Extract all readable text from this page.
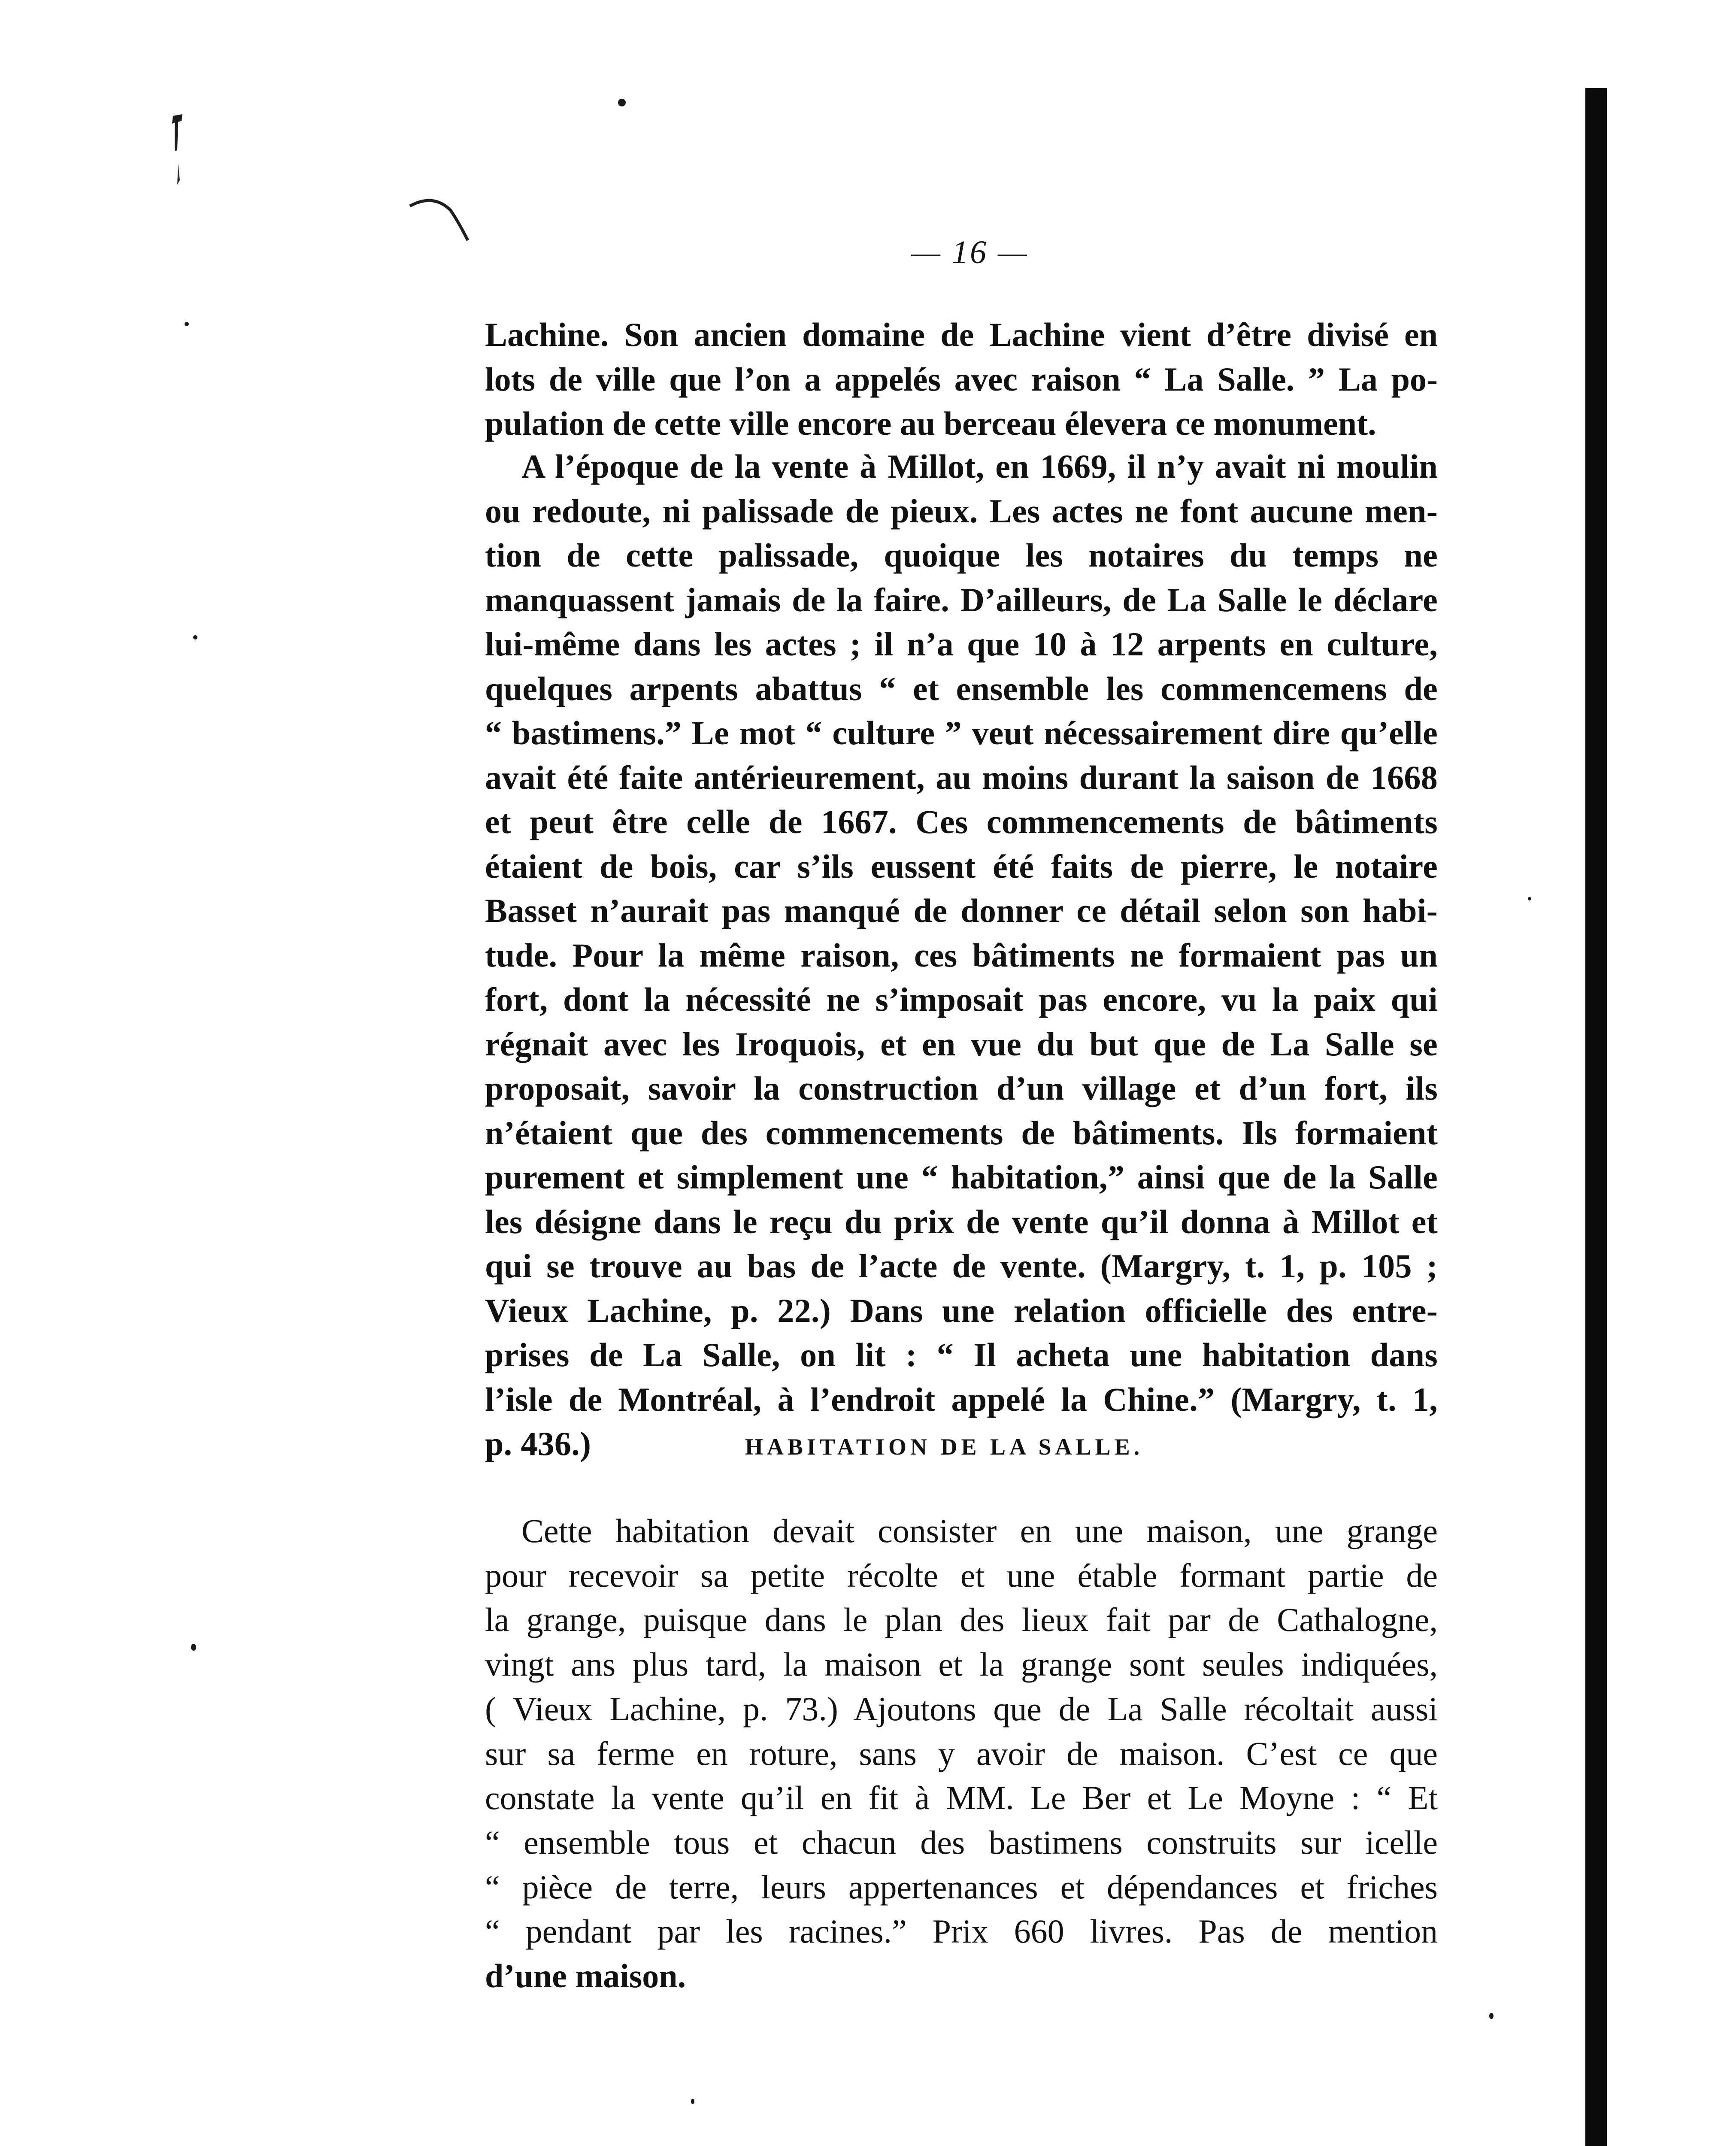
— 16 —
Lachine. Son ancien domaine de Lachine vient d’être divisé en
lots de ville que l’on a appelés avec raison “ La Salle. ” La po-
pulation de cette ville encore au berceau élevera ce monument.
A l’époque de la vente à Millot, en 1669, il n’y avait ni moulin
ou redoute, ni palissade de pieux. Les actes ne font aucune men-
tion de cette palissade, quoique les notaires du temps ne
manquassent jamais de la faire. D’ailleurs, de La Salle le déclare
lui-même dans les actes ; il n’a que 10 à 12 arpents en culture,
quelques arpents abattus “ et ensemble les commencemens de
“ bastimens.” Le mot “ culture ” veut nécessairement dire qu’elle
avait été faite antérieurement, au moins durant la saison de 1668
et peut être celle de 1667. Ces commencements de bâtiments
étaient de bois, car s’ils eussent été faits de pierre, le notaire
Basset n’aurait pas manqué de donner ce détail selon son habi-
tude. Pour la même raison, ces bâtiments ne formaient pas un
fort, dont la nécessité ne s’imposait pas encore, vu la paix qui
régnait avec les Iroquois, et en vue du but que de La Salle se
proposait, savoir la construction d’un village et d’un fort, ils
n’étaient que des commencements de bâtiments. Ils formaient
purement et simplement une “ habitation,” ainsi que de la Salle
les désigne dans le reçu du prix de vente qu’il donna à Millot et
qui se trouve au bas de l’acte de vente. (Margry, t. 1, p. 105 ;
Vieux Lachine, p. 22.) Dans une relation officielle des entre-
prises de La Salle, on lit : “ Il acheta une habitation dans
l’isle de Montréal, à l’endroit appelé la Chine.” (Margry, t. 1,
p. 436.)	HABITATION DE LA SALLE.
Cette habitation devait consister en une maison, une grange
pour recevoir sa petite récolte et une étable formant partie de
la grange, puisque dans le plan des lieux fait par de Cathalogne,
vingt ans plus tard, la maison et la grange sont seules indiquées,
( Vieux Lachine, p. 73.) Ajoutons que de La Salle récoltait aussi
sur sa ferme en roture, sans y avoir de maison. C’est ce que
constate la vente qu’il en fit à MM. Le Ber et Le Moyne : “ Et
“ ensemble tous et chacun des bastimens construits sur icelle
“ pièce de terre, leurs appertenances et dépendances et friches
“ pendant par les racines.” Prix 660 livres. Pas de mention
d’une maison.
